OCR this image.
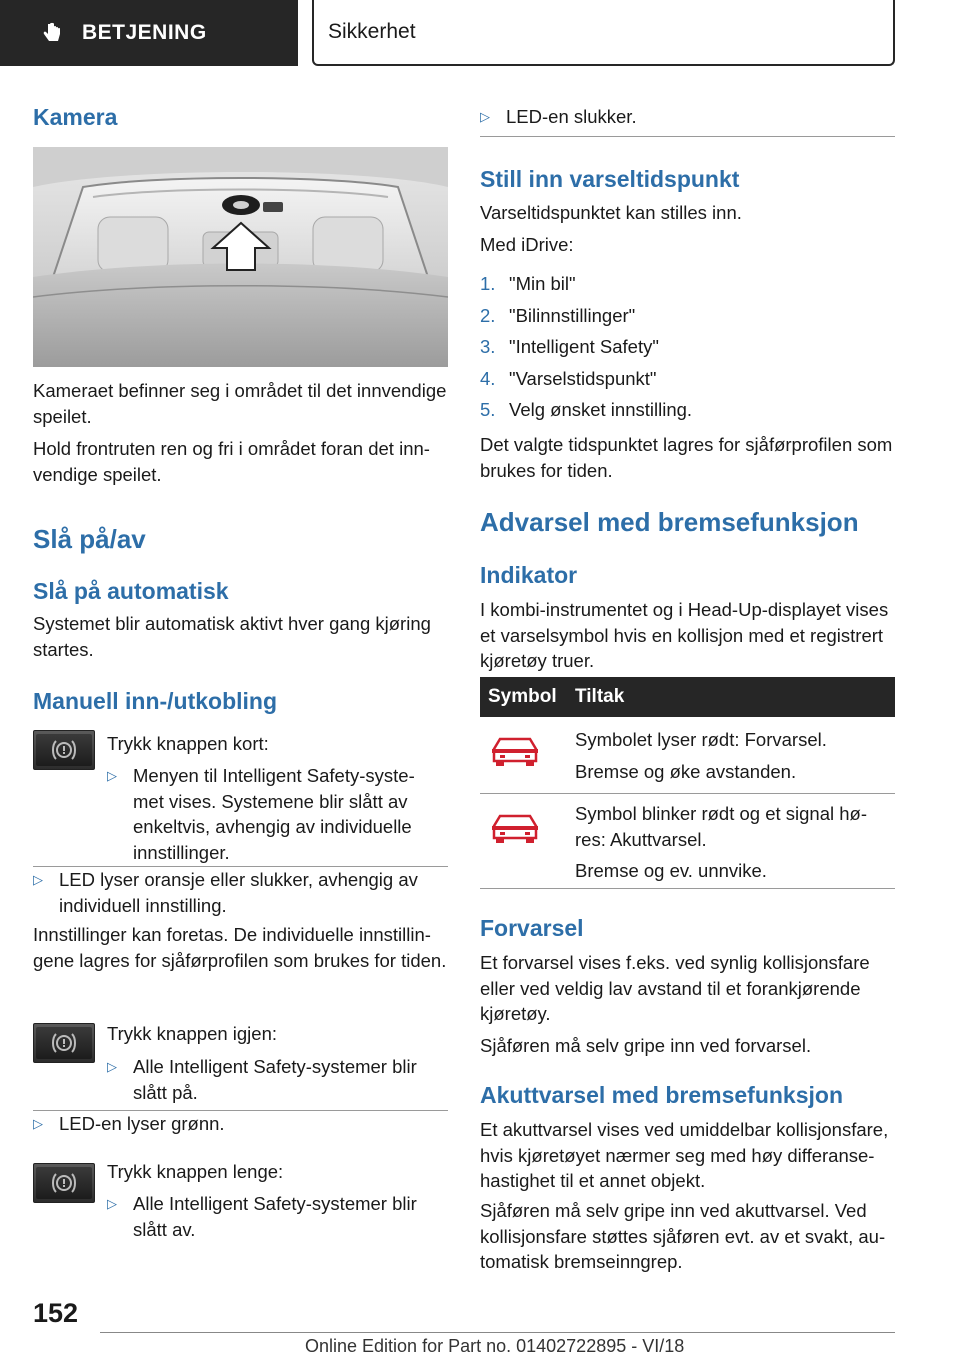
BETJENING	Sikkerhet
Kamera

Kameraet befinner seg i området til det innvendige speilet.

Hold frontruten ren og fri i området foran det innvendige speilet.

Slå på/av
Slå på automatisk

Systemet blir automatisk aktivt hver gang kjøring startes.

Manuell inn-/utkobling

Trykk knappen kort:

▷ Menyen til Intelligent Safety-systemet vises. Systemene blir slått av enkeltvis, avhengig av individuelle innstillinger.
▷ LED lyser oransje eller slukker, avhengig av individuell innstilling.

Innstillinger kan foretas. De individuelle innstillingene lagres for sjåførprofilen som brukes for tiden.

Trykk knappen igjen:

▷ Alle Intelligent Safety-systemer blir slått på.
▷ LED-en lyser grønn.

Trykk knappen lenge:

▷ Alle Intelligent Safety-systemer blir slått av.
▷ LED-en slukker.
Still inn varseltidspunkt

Varseltidspunktet kan stilles inn.

Med iDrive:

1. "Min bil"
2. "Bilinnstillinger"
3. "Intelligent Safety"
4. "Varselstidspunkt"
5. Velg ønsket innstilling.

Det valgte tidspunktet lagres for sjåførprofilen som brukes for tiden.

Advarsel med bremsefunksjon
Indikator

I kombi-instrumentet og i Head-Up-displayet vises et varselsymbol hvis en kollisjon med et registrert kjøretøy truer.

Symbol Tiltak

Symbolet lyser rødt: Forvarsel.

Bremse og øke avstanden.

Symbol blinker rødt og et signal høres: Akuttvarsel.

Bremse og ev. unnvike.

Forvarsel

Et forvarsel vises f.eks. ved synlig kollisjonsfare eller ved veldig lav avstand til et forankjørende kjøretøy.

Sjåføren må selv gripe inn ved forvarsel.

Akuttvarsel med bremsefunksjon

Et akuttvarsel vises ved umiddelbar kollisjonsfare, hvis kjøretøyet nærmer seg med høy differansehastighet til et annet objekt.

Sjåføren må selv gripe inn ved akuttvarsel. Ved kollisjonsfare støttes sjåføren evt. av et svakt, automatisk bremseinngrep.

152
Online Edition for Part no. 01402722895 - VI/18
